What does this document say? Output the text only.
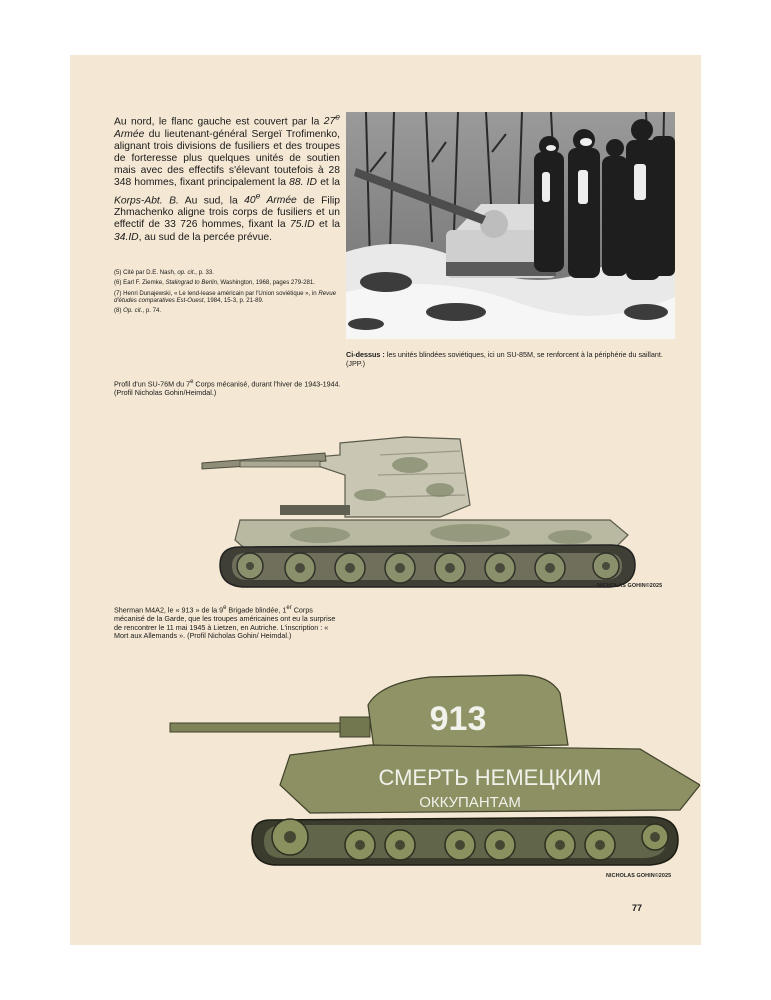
Au nord, le flanc gauche est couvert par la 27e Armée du lieutenant-général Sergeï Trofimenko, alignant trois divisions de fusiliers et des troupes de forteresse plus quelques unités de soutien mais avec des effectifs s'élevant toutefois à 28 348 hommes, fixant principalement la 88. ID et la Korps-Abt. B. Au sud, la 40e Armée de Filip Zhmachenko aligne trois corps de fusiliers et un effectif de 33 726 hommes, fixant la 75.ID et la 34.ID, au sud de la percée prévue.

(5) Cité par D.E. Nash, op. cit., p. 33.

(6) Earl F. Ziemke, Stalingrad to Berlin, Washington, 1968, pages 279-281.

(7) Henri Dunajewski, « Le lend-lease américain par l'Union soviétique », in Revue d'études comparatives Est-Ouest, 1984, 15-3, p. 21-89.

(8) Op. cit., p. 74.

Ci-dessus : les unités blindées soviétiques, ici un SU-85M, se renforcent à la périphérie du saillant. (JPP.)

Profil d'un SU-76M du 7e Corps mécanisé, durant l'hiver de 1943-1944. (Profil Nicholas Gohin/Heimdal.)

Sherman M4A2, le « 913 » de la 9e Brigade blindée, 1er Corps mécanisé de la Garde, que les troupes américaines ont eu la surprise de rencontrer le 11 mai 1945 à Lietzen, en Autriche. L'inscription : « Mort aux Allemands ». (Profil Nicholas Gohin/ Heimdal.)

NICHOLAS GOHIN©2025
913
СМЕРТЬ НЕМЕЦКИМ
ОККУПАНТАМ
NICHOLAS GOHIN©2025
77
